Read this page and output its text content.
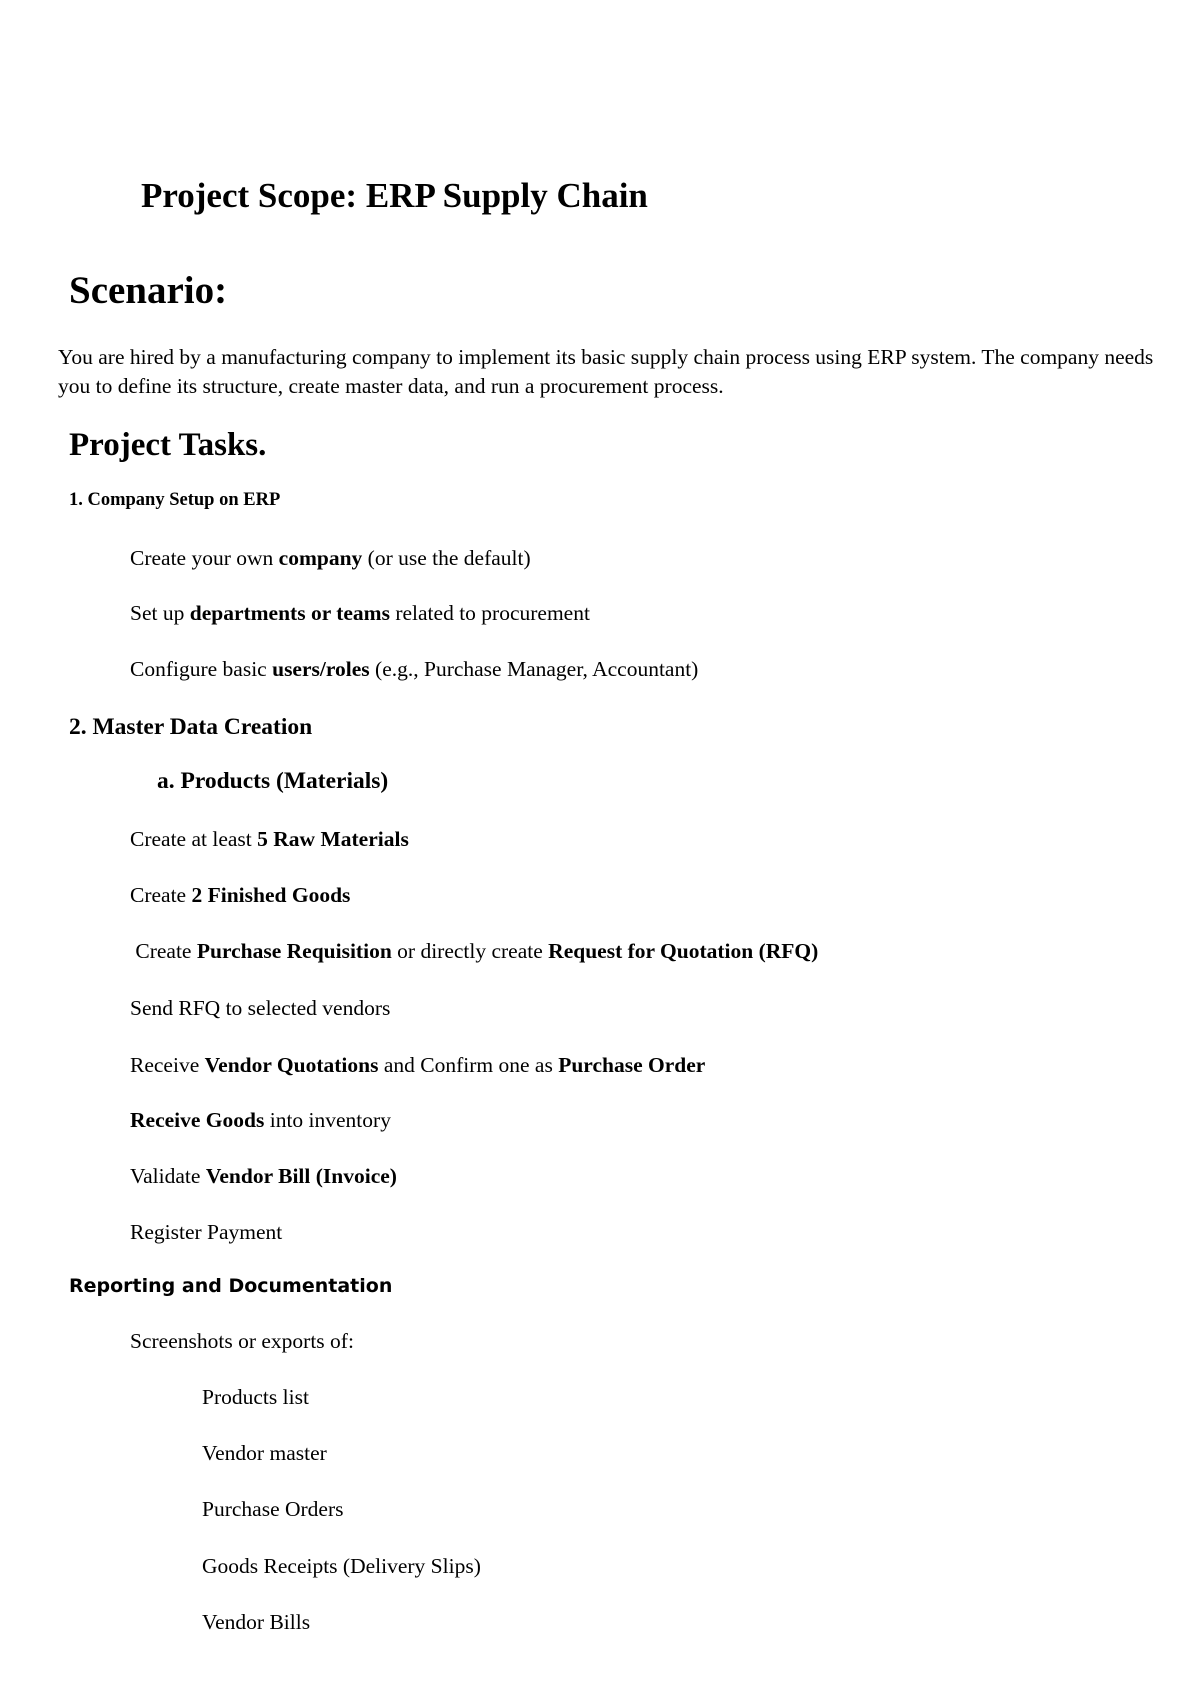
Project Scope: ERP Supply Chain
Scenario:

You are hired by a manufacturing company to implement its basic supply chain process using ERP system. The company needs you to define its structure, create master data, and run a procurement process.

Project Tasks.
1. Company Setup on ERP

Create your own company (or use the default)

Set up departments or teams related to procurement

Configure basic users/roles (e.g., Purchase Manager, Accountant)

2. Master Data Creation
a. Products (Materials)

Create at least 5 Raw Materials

Create 2 Finished Goods

Create Purchase Requisition or directly create Request for Quotation (RFQ)

Send RFQ to selected vendors

Receive Vendor Quotations and Confirm one as Purchase Order

Receive Goods into inventory

Validate Vendor Bill (Invoice)

Register Payment

Reporting and Documentation

Screenshots or exports of:

Products list

Vendor master

Purchase Orders

Goods Receipts (Delivery Slips)

Vendor Bills
